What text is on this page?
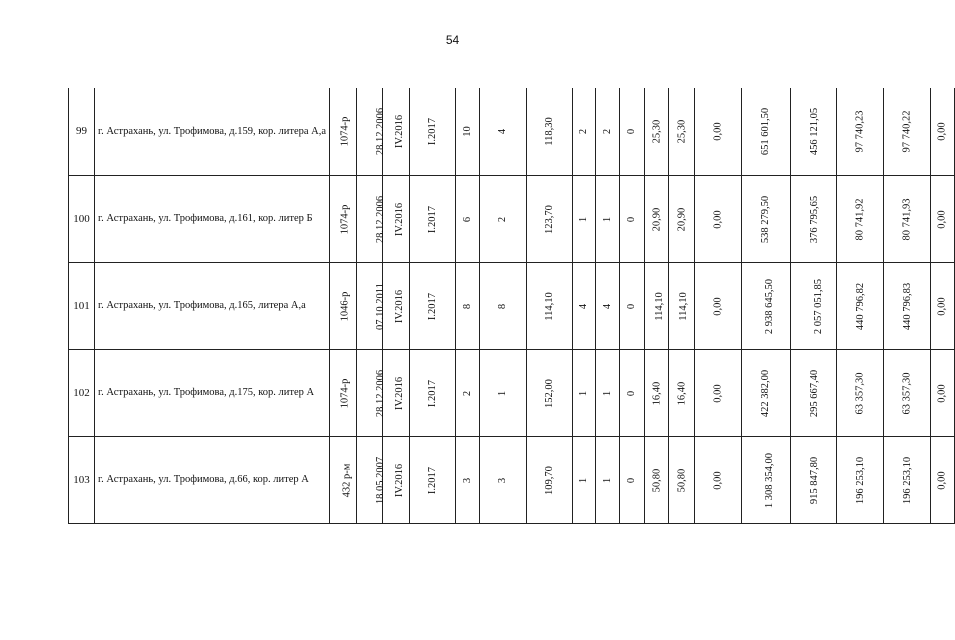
54
99	г. Астрахань, ул. Трофимова, д.159, кор. литера А,а	1074-р	28.12.2006	IV.2016	I.2017	10	4	118,30	2	2	0	25,30	25,30	0,00	651 601,50	456 121,05	97 740,23	97 740,22	0,00
100	г. Астрахань, ул. Трофимова, д.161, кор. литер Б	1074-р	28.12.2006	IV.2016	I.2017	6	2	123,70	1	1	0	20,90	20,90	0,00	538 279,50	376 795,65	80 741,92	80 741,93	0,00
101	г. Астрахань, ул. Трофимова, д.165, литера А,а	1046-р	07.10.2011	IV.2016	I.2017	8	8	114,10	4	4	0	114,10	114,10	0,00	2 938 645,50	2 057 051,85	440 796,82	440 796,83	0,00
102	г. Астрахань, ул. Трофимова, д.175, кор. литер А	1074-р	28.12.2006	IV.2016	I.2017	2	1	152,00	1	1	0	16,40	16,40	0,00	422 382,00	295 667,40	63 357,30	63 357,30	0,00
103	г. Астрахань, ул. Трофимова, д.66, кор. литер А	432 р-м	18.05.2007	IV.2016	I.2017	3	3	109,70	1	1	0	50,80	50,80	0,00	1 308 354,00	915 847,80	196 253,10	196 253,10	0,00
